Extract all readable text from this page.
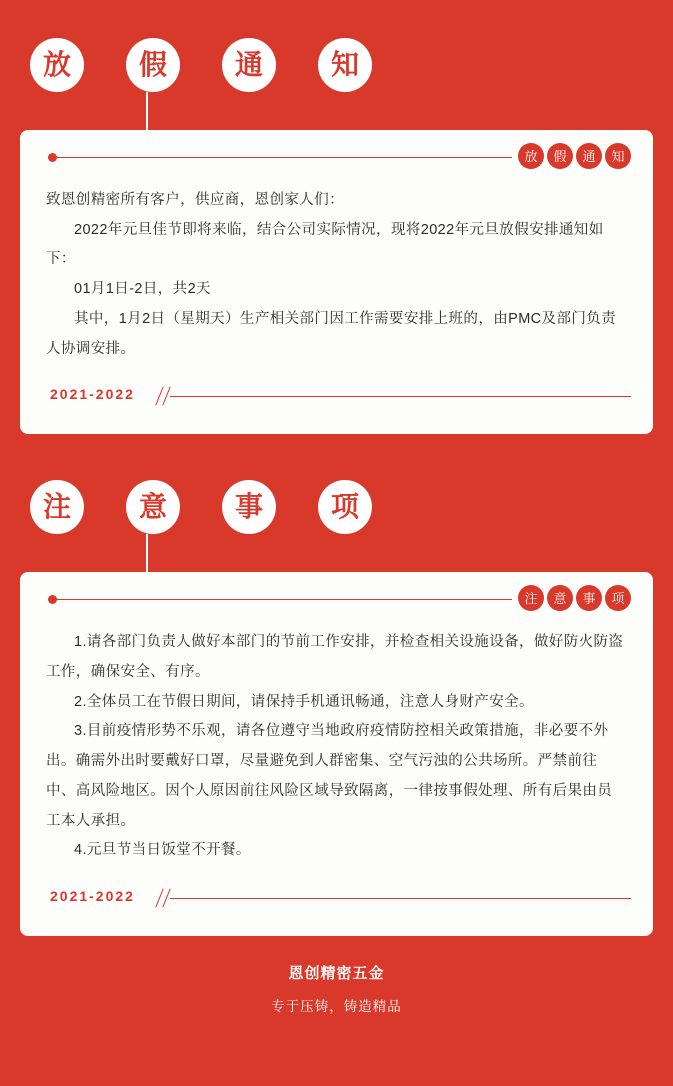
放	假	通	知
放	假	通	知

致恩创精密所有客户，供应商，恩创家人们：

2022年元旦佳节即将来临，结合公司实际情况，现将2022年元旦放假安排通知如下：

01月1日-2日，共2天

其中，1月2日（星期天）生产相关部门因工作需要安排上班的，由PMC及部门负责人协调安排。

2021-2022
注	意	事	项
注	意	事	项

1.请各部门负责人做好本部门的节前工作安排，并检查相关设施设备，做好防火防盗工作，确保安全、有序。

2.全体员工在节假日期间，请保持手机通讯畅通，注意人身财产安全。

3.目前疫情形势不乐观，请各位遵守当地政府疫情防控相关政策措施，非必要不外出。确需外出时要戴好口罩，尽量避免到人群密集、空气污浊的公共场所。严禁前往中、高风险地区。因个人原因前往风险区域导致隔离，一律按事假处理、所有后果由员工本人承担。

4.元旦节当日饭堂不开餐。

2021-2022
恩创精密五金
专于压铸，铸造精品
